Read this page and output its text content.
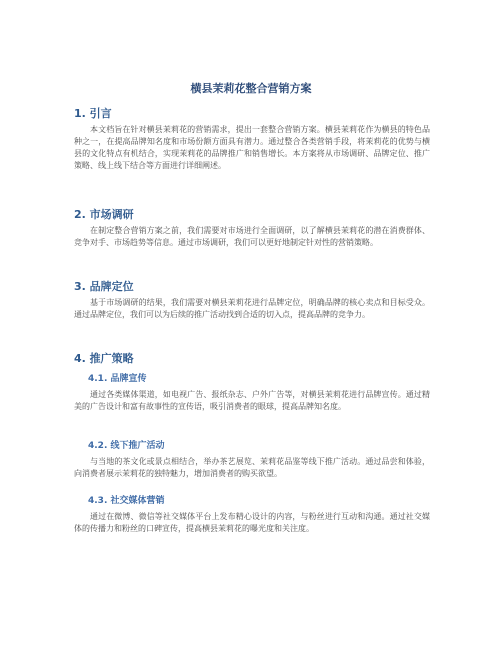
横县茉莉花整合营销方案
1. 引言
本文档旨在针对横县茉莉花的营销需求，提出一套整合营销方案。横县茉莉花作为横县的特色品种之一，在提高品牌知名度和市场份额方面具有潜力。通过整合各类营销手段，将茉莉花的优势与横县的文化特点有机结合，实现茉莉花的品牌推广和销售增长。本方案将从市场调研、品牌定位、推广策略、线上线下结合等方面进行详细阐述。
2. 市场调研
在制定整合营销方案之前，我们需要对市场进行全面调研，以了解横县茉莉花的潜在消费群体、竞争对手、市场趋势等信息。通过市场调研，我们可以更好地制定针对性的营销策略。
3. 品牌定位
基于市场调研的结果，我们需要对横县茉莉花进行品牌定位，明确品牌的核心卖点和目标受众。通过品牌定位，我们可以为后续的推广活动找到合适的切入点，提高品牌的竞争力。
4. 推广策略
4.1. 品牌宣传
通过各类媒体渠道，如电视广告、报纸杂志、户外广告等，对横县茉莉花进行品牌宣传。通过精美的广告设计和富有故事性的宣传语，吸引消费者的眼球，提高品牌知名度。
4.2. 线下推广活动
与当地的茶文化或景点相结合，举办茶艺展览、茉莉花品鉴等线下推广活动。通过品尝和体验，向消费者展示茉莉花的独特魅力，增加消费者的购买欲望。
4.3. 社交媒体营销
通过在微博、微信等社交媒体平台上发布精心设计的内容，与粉丝进行互动和沟通。通过社交媒体的传播力和粉丝的口碑宣传，提高横县茉莉花的曝光度和关注度。
